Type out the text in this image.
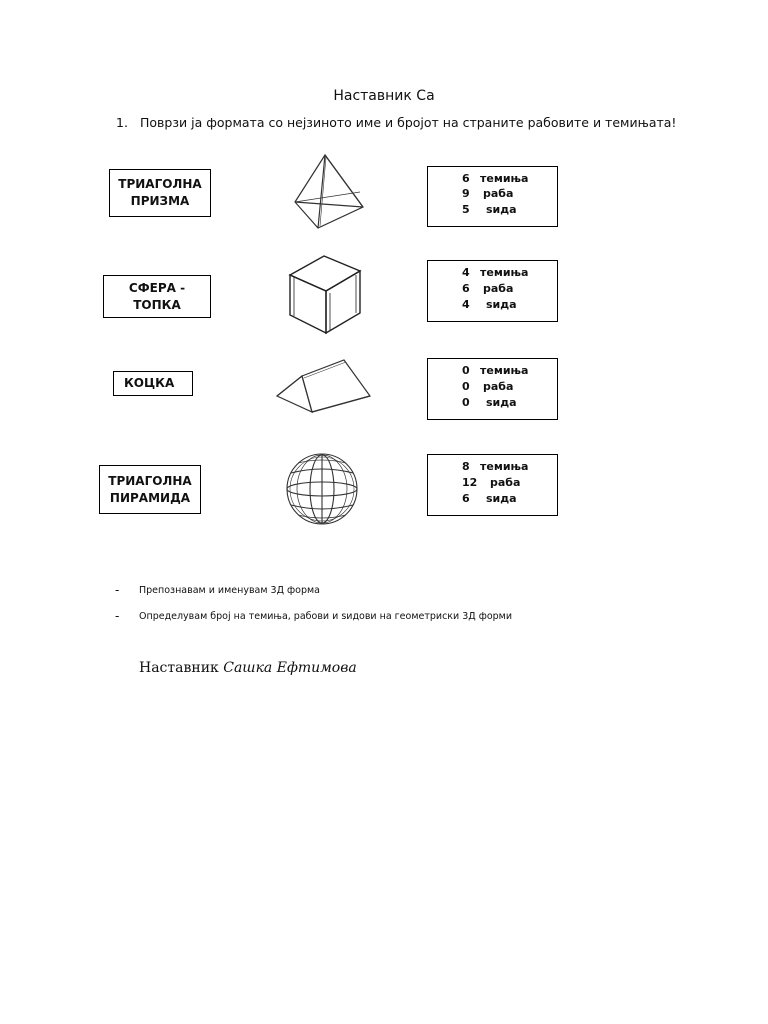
Наставник Са
1. Поврзи ја формата со нејзиното име и бројот на страните рабовите и темињата!
ТРИАГОЛНА
ПРИЗМА
СФЕРА -
ТОПКА
КОЦКА
ТРИАГОЛНА
ПИРАМИДА
6 темиња
9 раба
5 ѕида
4 темиња
6 раба
4 ѕида
0 темиња
0 раба
0 ѕида
8 темиња
12 раба
6 ѕида
- Препознавам и именувам 3Д форма
- Определувам број на темиња, рабови и ѕидови на геометриски 3Д форми
Наставник Сашка Ефтимова
